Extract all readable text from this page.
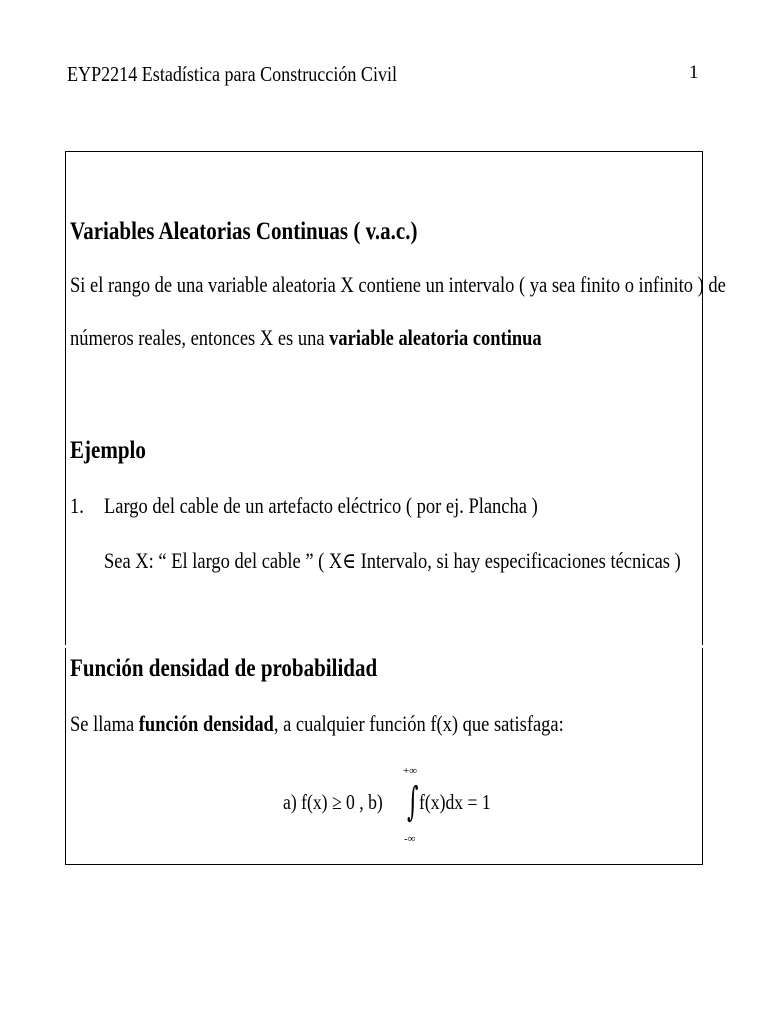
EYP2214 Estadística para Construcción Civil	1
Variables Aleatorias Continuas ( v.a.c.)
Si el rango de una variable aleatoria X contiene un intervalo ( ya sea finito o infinito ) de
números reales, entonces X es una variable aleatoria continua
Ejemplo
1. Largo del cable de un artefacto eléctrico ( por ej. Plancha )
Sea X: “ El largo del cable ” ( X∈ Intervalo, si hay especificaciones técnicas )
Función densidad de probabilidad
Se llama función densidad, a cualquier función f(x) que satisfaga:
a) f(x) ≥ 0 , b)
+∞
∫ f(x)dx = 1
-∞
